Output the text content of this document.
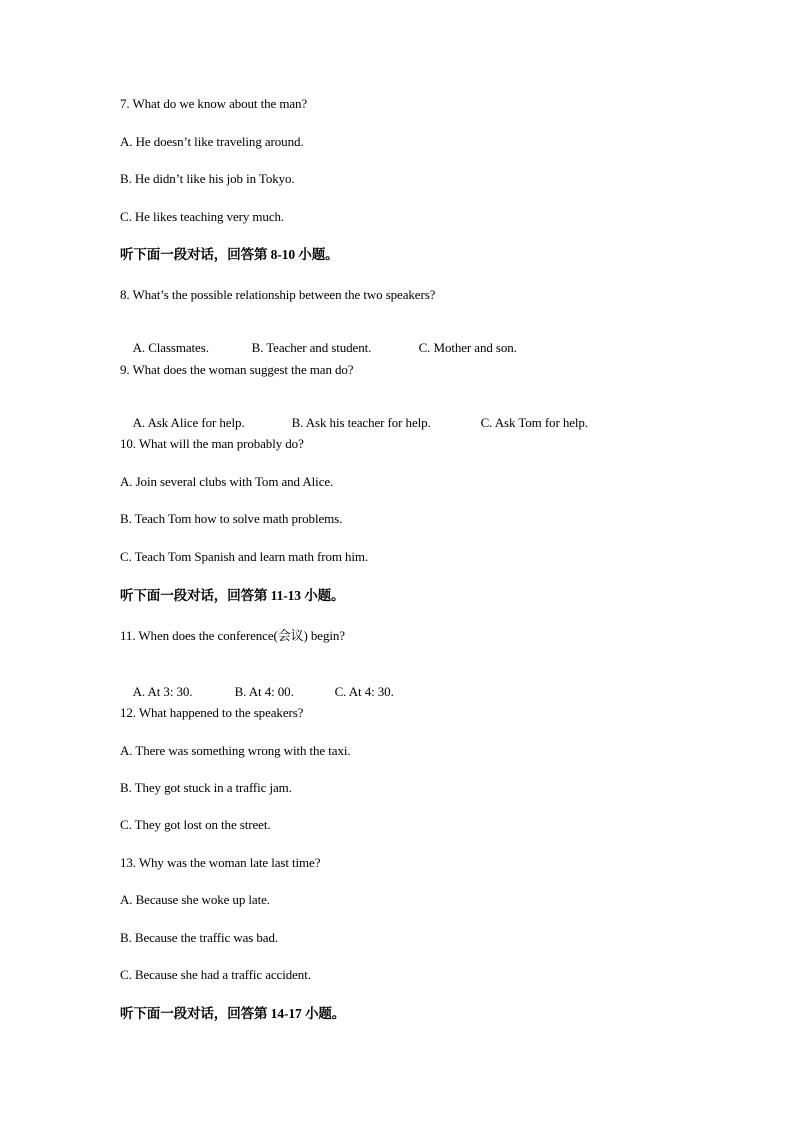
7. What do we know about the man?
A. He doesn’t like traveling around.
B. He didn’t like his job in Tokyo.
C. He likes teaching very much.
听下面一段对话，回答第 8-10 小题。
8. What’s the possible relationship between the two speakers?

A. Classmates.	B. Teacher and student.	C. Mother and son.

9. What does the woman suggest the man do?

A. Ask Alice for help.	B. Ask his teacher for help.	C. Ask Tom for help.

10. What will the man probably do?
A. Join several clubs with Tom and Alice.
B. Teach Tom how to solve math problems.
C. Teach Tom Spanish and learn math from him.
听下面一段对话，回答第 11-13 小题。
11. When does the conference(会议) begin?

A. At 3: 30.	B. At 4: 00.	C. At 4: 30.

12. What happened to the speakers?
A. There was something wrong with the taxi.
B. They got stuck in a traffic jam.
C. They got lost on the street.
13. Why was the woman late last time?
A. Because she woke up late.
B. Because the traffic was bad.
C. Because she had a traffic accident.
听下面一段对话，回答第 14-17 小题。
